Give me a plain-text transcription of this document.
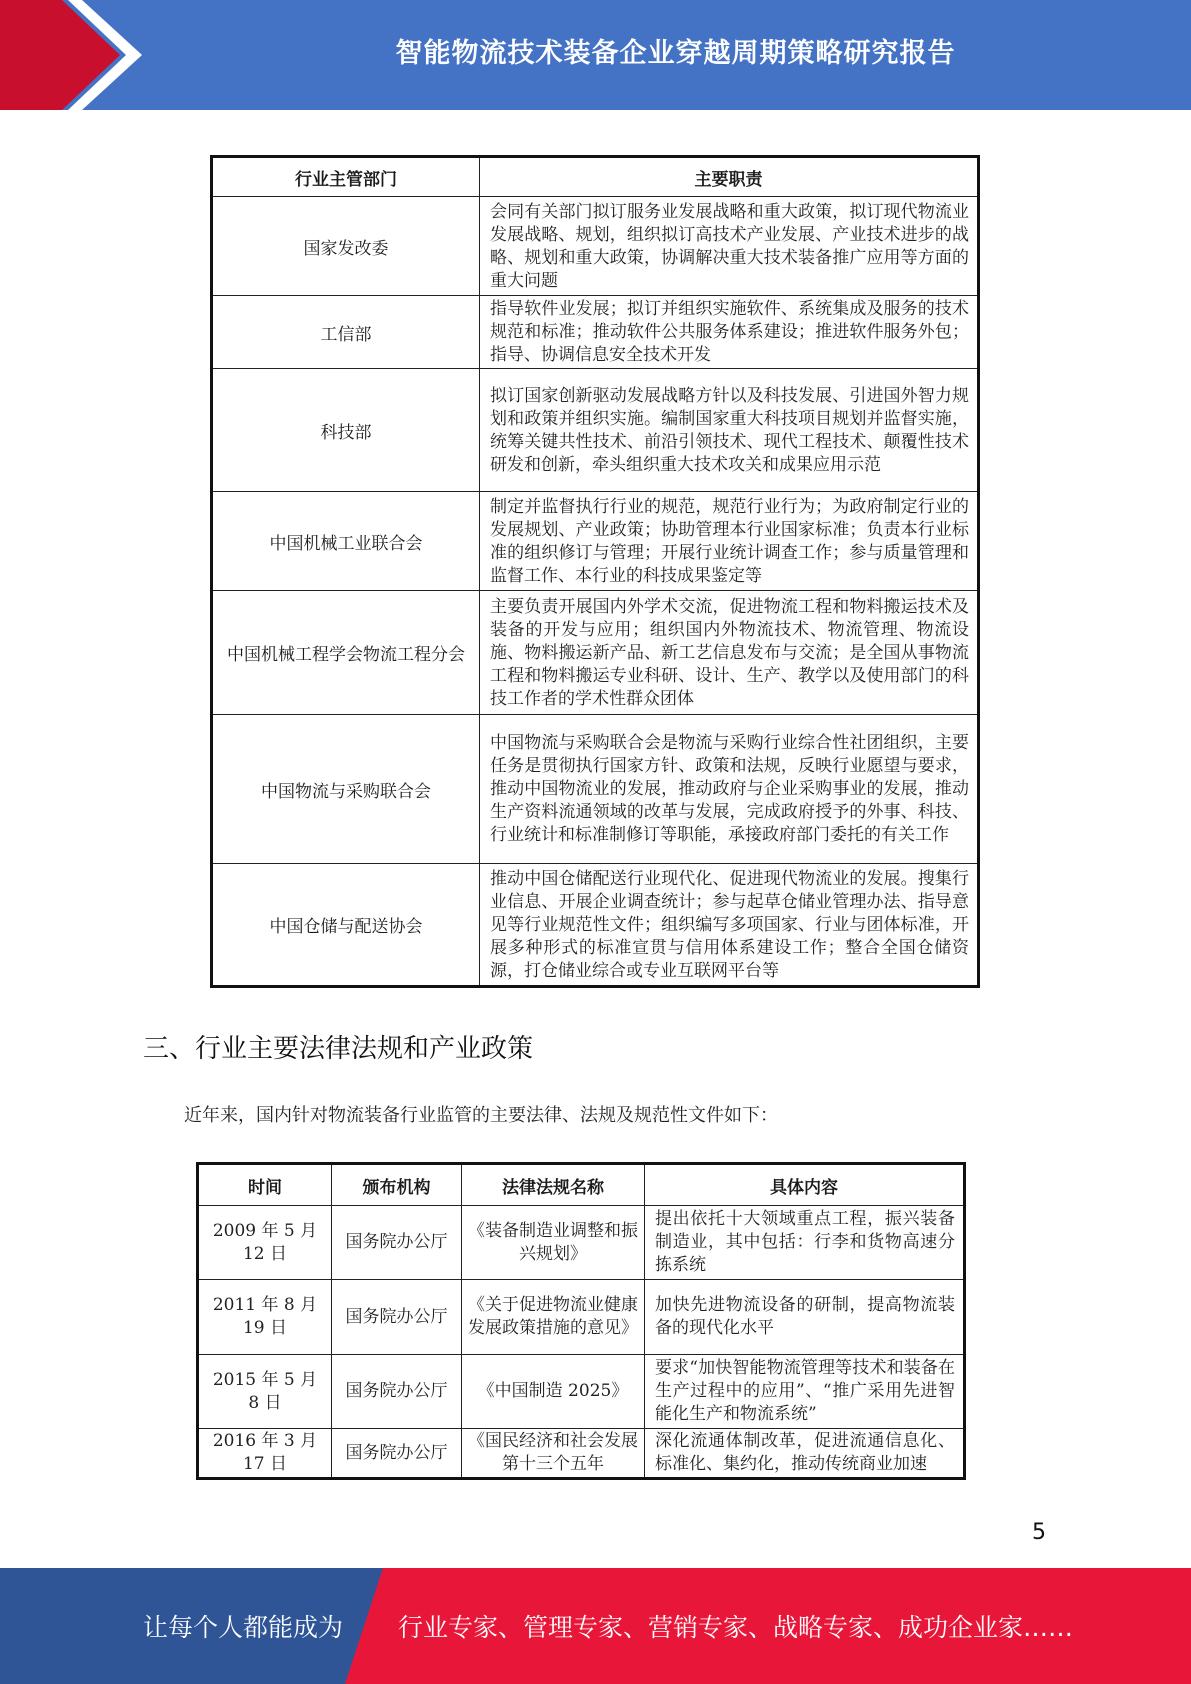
智能物流技术装备企业穿越周期策略研究报告
行业主管部门	主要职责
国家发改委	会同有关部门拟订服务业发展战略和重大政策，拟订现代物流业发展战略、规划，组织拟订高技术产业发展、产业技术进步的战略、规划和重大政策，协调解决重大技术装备推广应用等方面的重大问题
工信部	指导软件业发展；拟订并组织实施软件、系统集成及服务的技术规范和标准；推动软件公共服务体系建设；推进软件服务外包；指导、协调信息安全技术开发
科技部	拟订国家创新驱动发展战略方针以及科技发展、引进国外智力规划和政策并组织实施。编制国家重大科技项目规划并监督实施，统筹关键共性技术、前沿引领技术、现代工程技术、颠覆性技术研发和创新，牵头组织重大技术攻关和成果应用示范
中国机械工业联合会	制定并监督执行行业的规范，规范行业行为；为政府制定行业的发展规划、产业政策；协助管理本行业国家标准；负责本行业标准的组织修订与管理；开展行业统计调查工作；参与质量管理和监督工作、本行业的科技成果鉴定等
中国机械工程学会物流工程分会	主要负责开展国内外学术交流，促进物流工程和物料搬运技术及装备的开发与应用；组织国内外物流技术、物流管理、物流设施、物料搬运新产品、新工艺信息发布与交流；是全国从事物流工程和物料搬运专业科研、设计、生产、教学以及使用部门的科技工作者的学术性群众团体
中国物流与采购联合会	中国物流与采购联合会是物流与采购行业综合性社团组织，主要任务是贯彻执行国家方针、政策和法规，反映行业愿望与要求，推动中国物流业的发展，推动政府与企业采购事业的发展，推动生产资料流通领域的改革与发展，完成政府授予的外事、科技、行业统计和标准制修订等职能，承接政府部门委托的有关工作
中国仓储与配送协会	推动中国仓储配送行业现代化、促进现代物流业的发展。搜集行业信息、开展企业调查统计；参与起草仓储业管理办法、指导意见等行业规范性文件；组织编写多项国家、行业与团体标准，开展多种形式的标准宣贯与信用体系建设工作；整合全国仓储资源，打仓储业综合或专业互联网平台等
三、行业主要法律法规和产业政策
近年来，国内针对物流装备行业监管的主要法律、法规及规范性文件如下：
时间	颁布机构	法律法规名称	具体内容
2009 年 5 月 12 日	国务院办公厅	《装备制造业调整和振兴规划》	提出依托十大领域重点工程，振兴装备制造业，其中包括：行李和货物高速分拣系统
2011 年 8 月 19 日	国务院办公厅	《关于促进物流业健康发展政策措施的意见》	加快先进物流设备的研制，提高物流装备的现代化水平
2015 年 5 月 8 日	国务院办公厅	《中国制造 2025》	要求“加快智能物流管理等技术和装备在生产过程中的应用”、“推广采用先进智能化生产和物流系统”
2016 年 3 月 17 日	国务院办公厅	《国民经济和社会发展第十三个五年	深化流通体制改革，促进流通信息化、标准化、集约化，推动传统商业加速
5
让每个人都能成为 行业专家、管理专家、营销专家、战略专家、成功企业家……
